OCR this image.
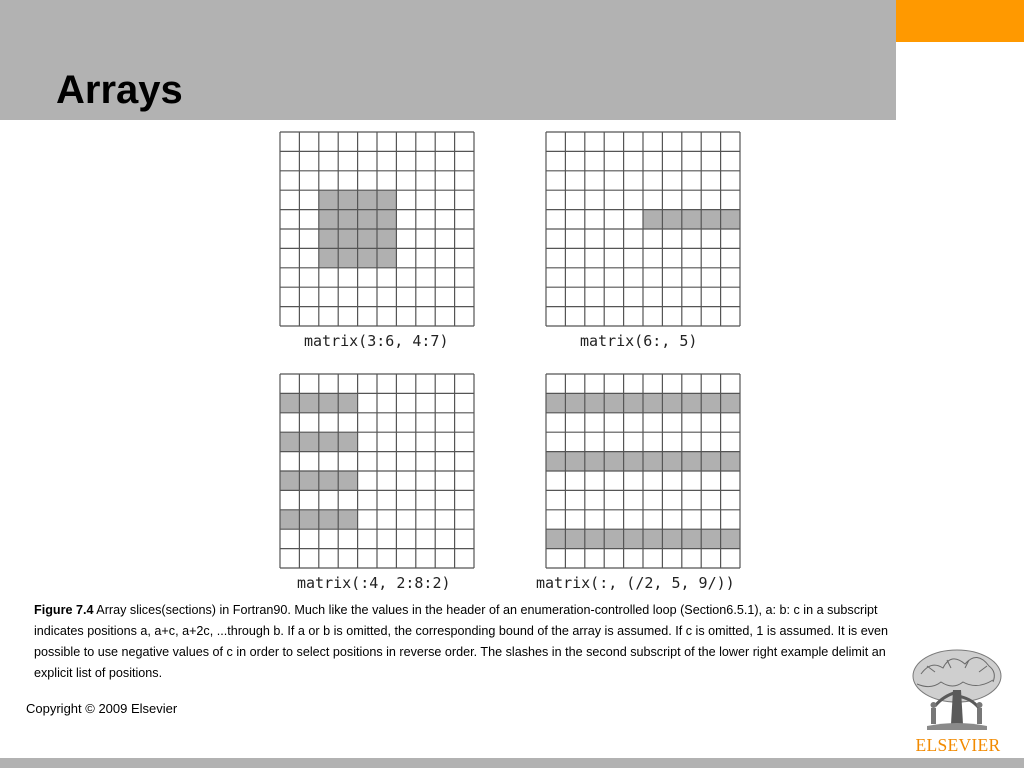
Arrays
matrix(3:6, 4:7)	matrix(6:, 5)
matrix(:4, 2:8:2)	matrix(:, (/2, 5, 9/))
Figure 7.4 Array slices(sections) in Fortran90. Much like the values in the header of an enumeration-controlled loop (Section6.5.1), a: b: c in a subscript indicates positions a, a+c, a+2c, ...through b. If a or b is omitted, the corresponding bound of the array is assumed. If c is omitted, 1 is assumed. It is even possible to use negative values of c in order to select positions in reverse order. The slashes in the second subscript of the lower right example delimit an explicit list of positions.
Copyright © 2009 Elsevier
ELSEVIER
